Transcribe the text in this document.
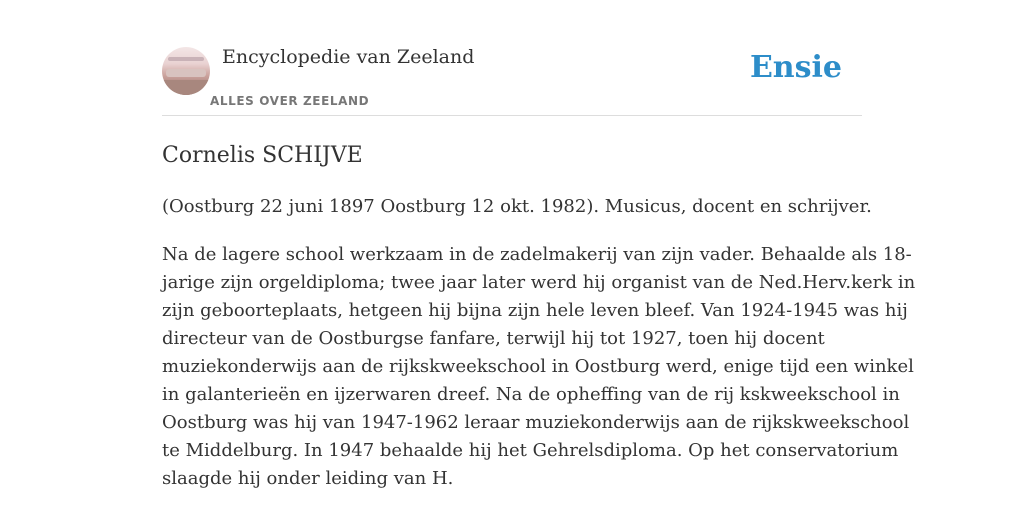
Encyclopedie van Zeeland
ALLES OVER ZEELAND
Ensie
Cornelis SCHIJVE

(Oostburg 22 juni 1897 Oostburg 12 okt. 1982). Musicus, docent en schrijver.

Na de lagere school werkzaam in de zadelmakerij van zijn vader. Behaalde als 18-
jarige zijn orgeldiploma; twee jaar later werd hij organist van de Ned.Herv.kerk in
zijn geboorteplaats, hetgeen hij bijna zijn hele leven bleef. Van 1924-1945 was hij
directeur van de Oostburgse fanfare, terwijl hij tot 1927, toen hij docent
muziekonderwijs aan de rijkskweekschool in Oostburg werd, enige tijd een winkel
in galanterieën en ijzerwaren dreef. Na de opheffing van de rij kskweekschool in
Oostburg was hij van 1947-1962 leraar muziekonderwijs aan de rijkskweekschool
te Middelburg. In 1947 behaalde hij het Gehrelsdiploma. Op het conservatorium
slaagde hij onder leiding van H.
